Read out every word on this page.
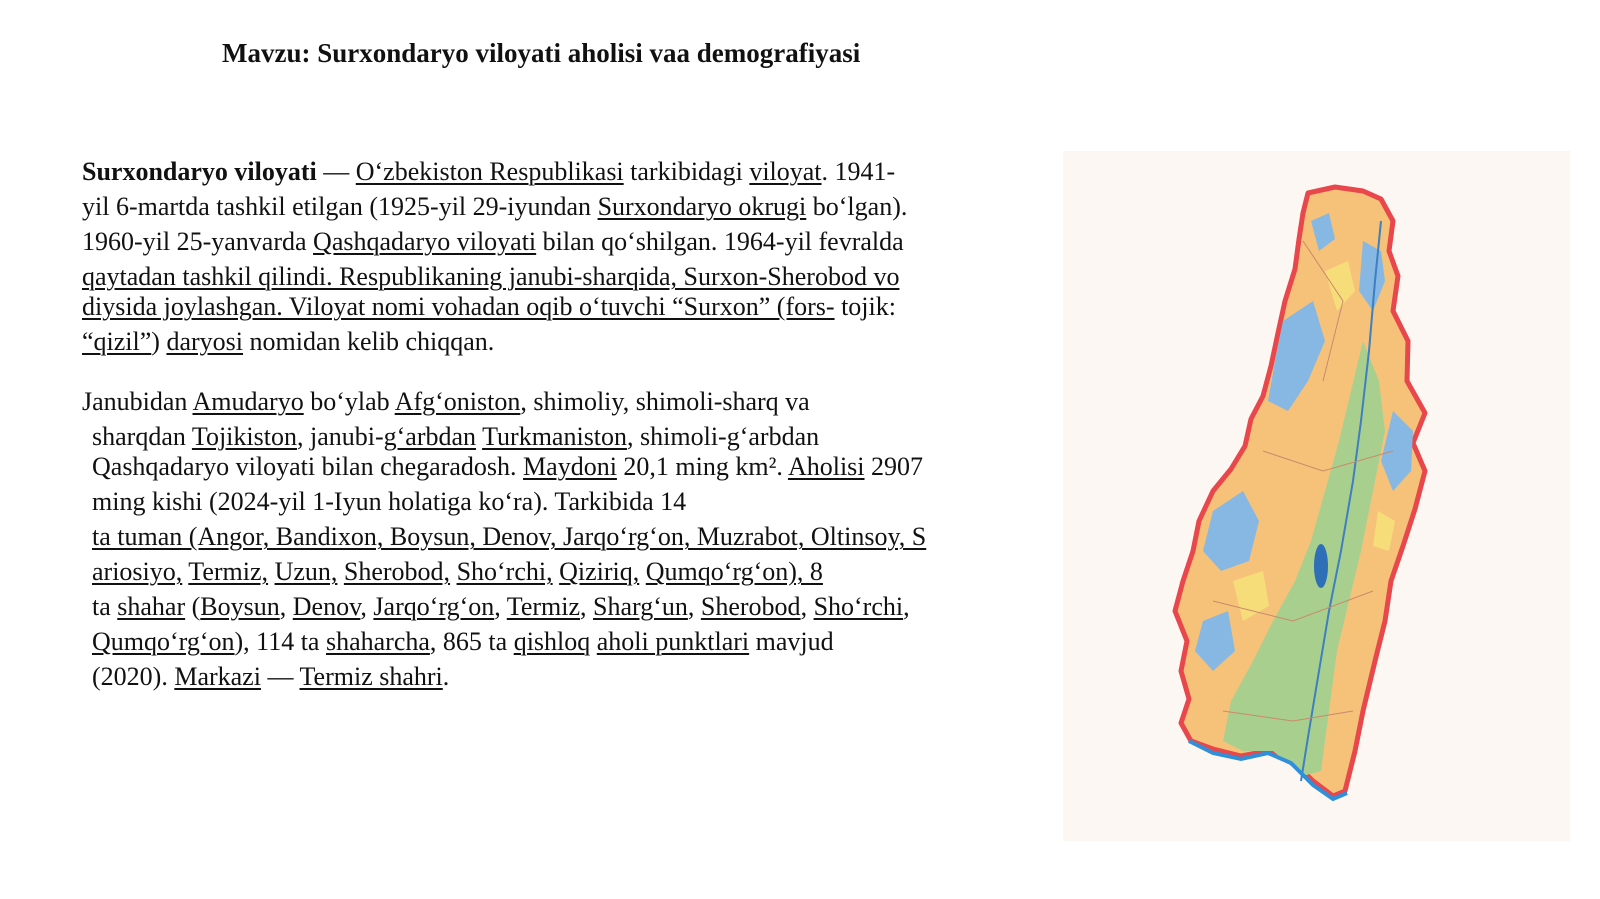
Mavzu: Surxondaryo viloyati aholisi vaa demografiyasi
Surxondaryo viloyati — Oʻzbekiston Respublikasi tarkibidagi viloyat. 1941-
yil 6-martda tashkil etilgan (1925-yil 29-iyundan Surxondaryo okrugi boʻlgan).
1960-yil 25-yanvarda Qashqadaryo viloyati bilan qoʻshilgan. 1964-yil fevralda
qaytadan tashkil qilindi. Respublikaning janubi-sharqida, Surxon-Sherobod vo
diysida joylashgan. Viloyat nomi vohadan oqib oʻtuvchi “Surxon” (fors- tojik:
“qizil”) daryosi nomidan kelib chiqqan.
Janubidan Amudaryo boʻylab Afgʻoniston, shimoliy, shimoli-sharq va
sharqdan Tojikiston, janubi-gʻarbdan Turkmaniston, shimoli-gʻarbdan
Qashqadaryo viloyati bilan chegaradosh. Maydoni 20,1 ming km². Aholisi 2907
ming kishi (2024-yil 1-Iyun holatiga koʻra). Tarkibida 14
ta tuman (Angor, Bandixon, Boysun, Denov, Jarqoʻrgʻon, Muzrabot, Oltinsoy, S
ariosiyo, Termiz, Uzun, Sherobod, Shoʻrchi, Qiziriq, Qumqoʻrgʻon), 8
ta shahar (Boysun, Denov, Jarqoʻrgʻon, Termiz, Shargʻun, Sherobod, Shoʻrchi,
Qumqoʻrgʻon), 114 ta shaharcha, 865 ta qishloq aholi punktlari mavjud
(2020). Markazi — Termiz shahri.
